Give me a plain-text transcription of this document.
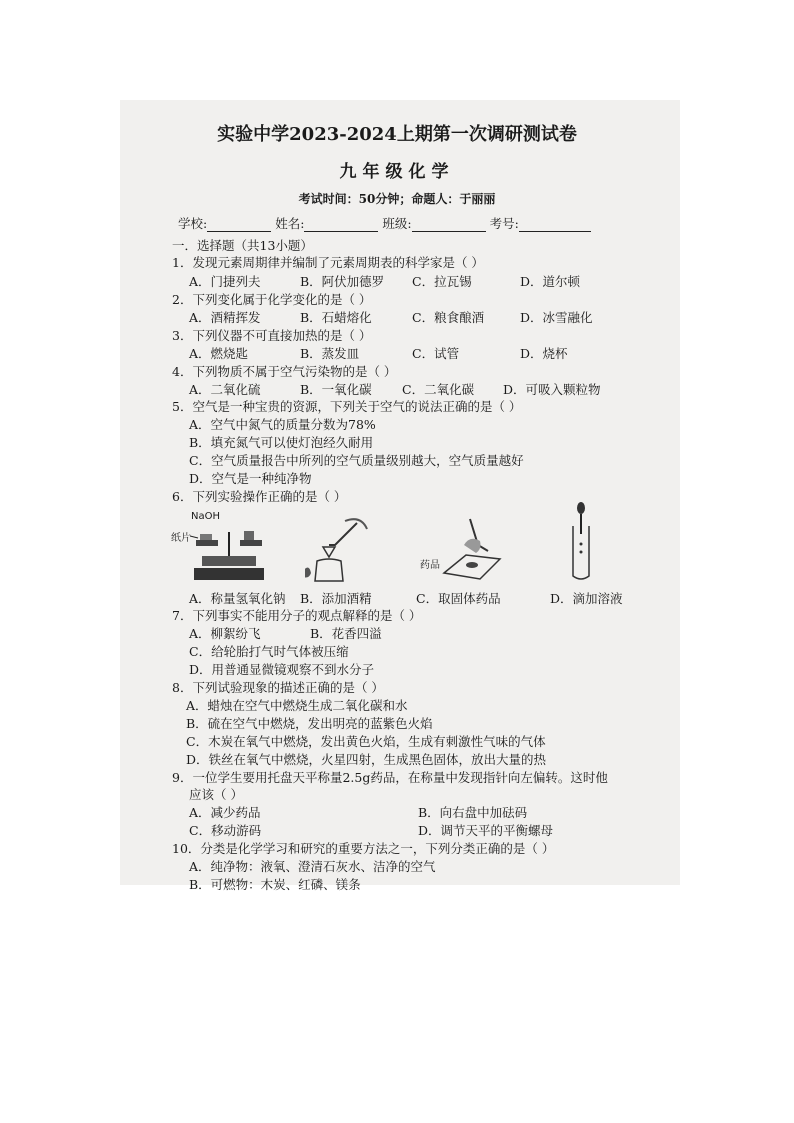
实验中学2023-2024上期第一次调研测试卷
九年级化学
考试时间：50分钟；命题人：于丽丽
学校:	姓名:	班级:	考号:
一．选择题（共13小题）
1．发现元素周期律并编制了元素周期表的科学家是（ ）
A．门捷列夫	B．阿伏加德罗 C．拉瓦锡	D．道尔顿
2．下列变化属于化学变化的是（ ）
A．酒精挥发	B．石蜡熔化	C．粮食酿酒	D．冰雪融化
3．下列仪器不可直接加热的是（ ）
A．燃烧匙	B．蒸发皿	C．试管	D．烧杯
4．下列物质不属于空气污染物的是（ ）
A．二氧化硫	B．一氧化碳 C．二氧化碳 D．可吸入颗粒物
5．空气是一种宝贵的资源，下列关于空气的说法正确的是（ ）
A．空气中氮气的质量分数为78%
B．填充氮气可以使灯泡经久耐用
C．空气质量报告中所列的空气质量级别越大，空气质量越好
D．空气是一种纯净物
6．下列实验操作正确的是（ ）
NaOH
纸片
药品
A．称量氢氧化钠 B．添加酒精	C．取固体药品	D．滴加溶液
7．下列事实不能用分子的观点解释的是（ ）
A．柳絮纷飞	B．花香四溢
C．给轮胎打气时气体被压缩
D．用普通显微镜观察不到水分子
8．下列试验现象的描述正确的是（ ）
A．蜡烛在空气中燃烧生成二氧化碳和水
B．硫在空气中燃烧，发出明亮的蓝紫色火焰
C．木炭在氧气中燃烧，发出黄色火焰，生成有刺激性气味的气体
D．铁丝在氧气中燃烧，火星四射，生成黑色固体，放出大量的热
9．一位学生要用托盘天平称量2.5g药品，在称量中发现指针向左偏转。这时他
应该（ ）
A．减少药品	B．向右盘中加砝码
C．移动游码	D．调节天平的平衡螺母
10．分类是化学学习和研究的重要方法之一，下列分类正确的是（ ）
A．纯净物：液氧、澄清石灰水、洁净的空气
B．可燃物：木炭、红磷、镁条
